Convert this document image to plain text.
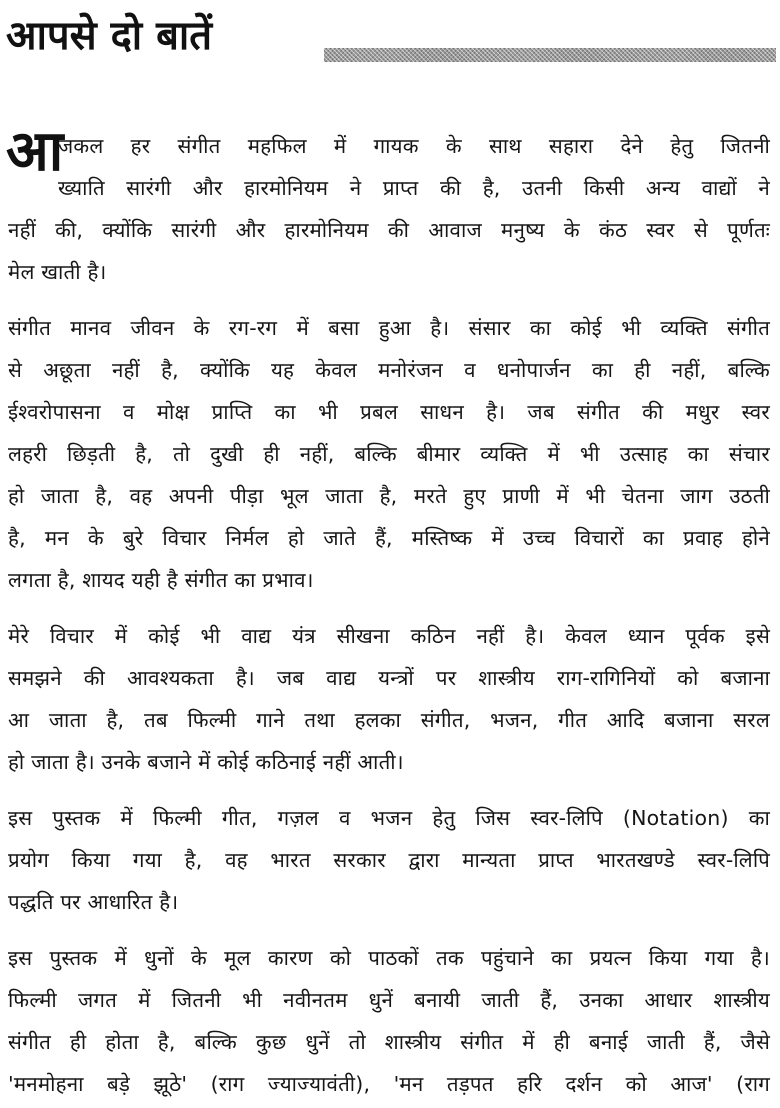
आपसे दो बातें
आ
जकल हर संगीत महफिल में गायक के साथ सहारा देने हेतु जितनी
ख्याति सारंगी और हारमोनियम ने प्राप्त की है, उतनी किसी अन्य वाद्यों ने
नहीं की, क्योंकि सारंगी और हारमोनियम की आवाज मनुष्य के कंठ स्वर से पूर्णतः
मेल खाती है।
संगीत मानव जीवन के रग-रग में बसा हुआ है। संसार का कोई भी व्यक्ति संगीत
से अछूता नहीं है, क्योंकि यह केवल मनोरंजन व धनोपार्जन का ही नहीं, बल्कि
ईश्वरोपासना व मोक्ष प्राप्ति का भी प्रबल साधन है। जब संगीत की मधुर स्वर
लहरी छिड़ती है, तो दुखी ही नहीं, बल्कि बीमार व्यक्ति में भी उत्साह का संचार
हो जाता है, वह अपनी पीड़ा भूल जाता है, मरते हुए प्राणी में भी चेतना जाग उठती
है, मन के बुरे विचार निर्मल हो जाते हैं, मस्तिष्क में उच्च विचारों का प्रवाह होने
लगता है, शायद यही है संगीत का प्रभाव।
मेरे विचार में कोई भी वाद्य यंत्र सीखना कठिन नहीं है। केवल ध्यान पूर्वक इसे
समझने की आवश्यकता है। जब वाद्य यन्त्रों पर शास्त्रीय राग-रागिनियों को बजाना
आ जाता है, तब फिल्मी गाने तथा हलका संगीत, भजन, गीत आदि बजाना सरल
हो जाता है। उनके बजाने में कोई कठिनाई नहीं आती।
इस पुस्तक में फिल्मी गीत, गज़ल व भजन हेतु जिस स्वर-लिपि (Notation) का
प्रयोग किया गया है, वह भारत सरकार द्वारा मान्यता प्राप्त भारतखण्डे स्वर-लिपि
पद्धति पर आधारित है।
इस पुस्तक में धुनों के मूल कारण को पाठकों तक पहुंचाने का प्रयत्न किया गया है।
फिल्मी जगत में जितनी भी नवीनतम धुनें बनायी जाती हैं, उनका आधार शास्त्रीय
संगीत ही होता है, बल्कि कुछ धुनें तो शास्त्रीय संगीत में ही बनाई जाती हैं, जैसे
'मनमोहना बड़े झूठे' (राग ज्याज्यावंती), 'मन तड़पत हरि दर्शन को आज' (राग
